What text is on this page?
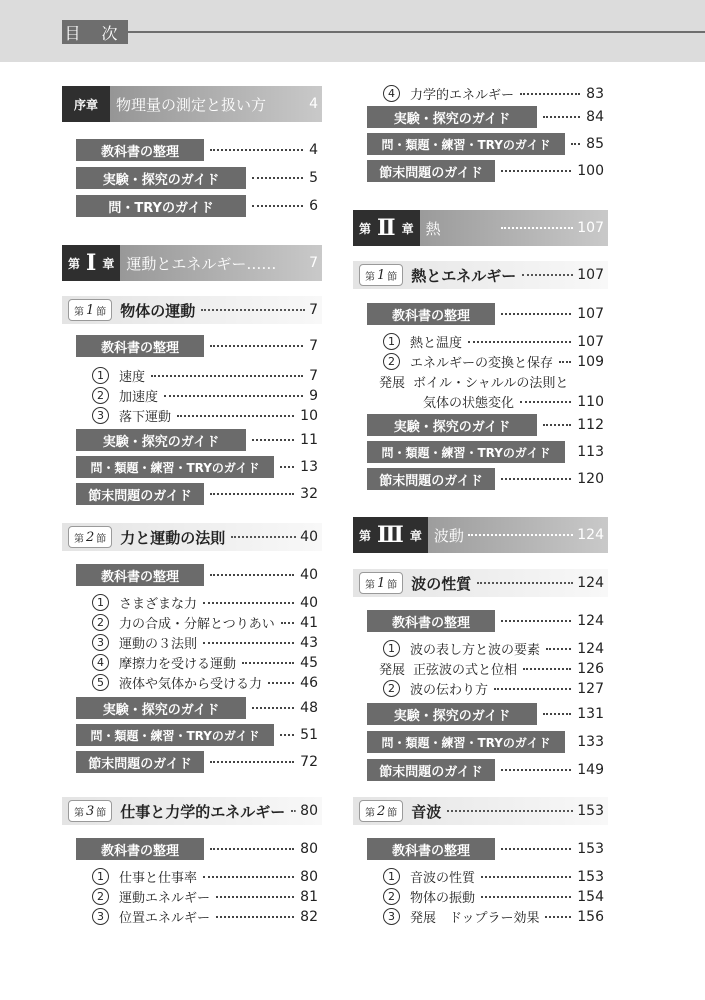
目 次
序章	物理量の測定と扱い方	4
教科書の整理	4
実験・探究のガイド	5
問・TRYのガイド	6
第 Ⅰ 章 運動とエネルギー……	7
第 1 節 物体の運動	7
教科書の整理	7
1	速度	7
2	加速度	9
3	落下運動	10
実験・探究のガイド	11
問・類題・練習・TRYのガイド	13
節末問題のガイド	32
第 2 節 力と運動の法則	40
教科書の整理	40
1	さまざまな力	40
2	力の合成・分解とつりあい 41
3	運動の３法則	43
4	摩擦力を受ける運動	45
5	液体や気体から受ける力	46
実験・探究のガイド	48
問・類題・練習・TRYのガイド	51
節末問題のガイド	72
第 3 節 仕事と力学的エネルギー 80
教科書の整理	80
1	仕事と仕事率	80
2	運動エネルギー	81
3	位置エネルギー	82
4	力学的エネルギー	83
実験・探究のガイド	84
問・類題・練習・TRYのガイド	85
節末問題のガイド	100
第 Ⅱ 章 熱	107
第 1 節 熱とエネルギー	107
教科書の整理	107
1	熱と温度	107
2	エネルギーの変換と保存 109
発展 ボイル・シャルルの法則と
気体の状態変化	110
実験・探究のガイド	112
問・類題・練習・TRYのガイド	113
節末問題のガイド	120
第 Ⅲ 章 波動	124
第 1 節 波の性質	124
教科書の整理	124
1	波の表し方と波の要素	124
発展 正弦波の式と位相	126
2	波の伝わり方	127
実験・探究のガイド	131
問・類題・練習・TRYのガイド	133
節末問題のガイド	149
第 2 節 音波	153
教科書の整理	153
1	音波の性質	153
2	物体の振動	154
3	発展　ドップラー効果	156
